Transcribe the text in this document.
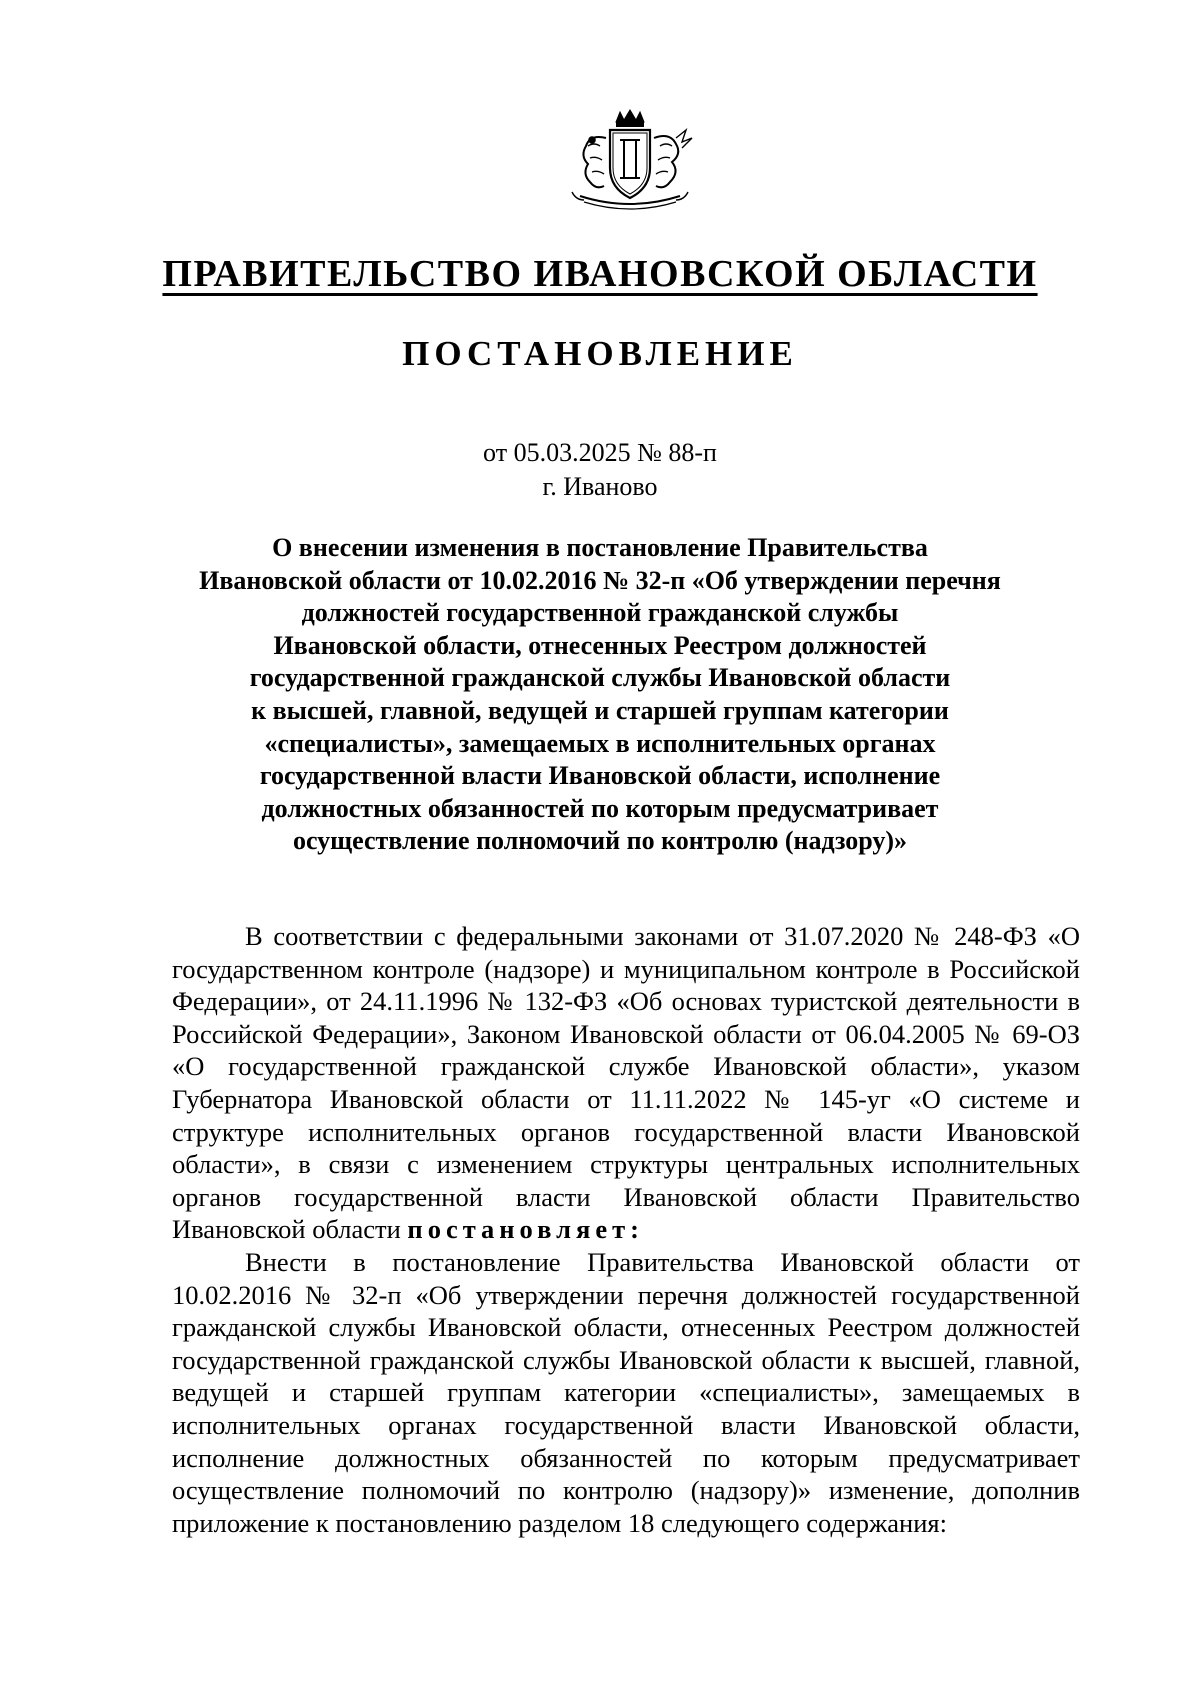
ПРАВИТЕЛЬСТВО ИВАНОВСКОЙ ОБЛАСТИ
ПОСТАНОВЛЕНИЕ
от 05.03.2025 № 88-п
г. Иваново
О внесении изменения в постановление Правительства
Ивановской области от 10.02.2016 № 32-п «Об утверждении перечня
должностей государственной гражданской службы
Ивановской области, отнесенных Реестром должностей
государственной гражданской службы Ивановской области
к высшей, главной, ведущей и старшей группам категории
«специалисты», замещаемых в исполнительных органах
государственной власти Ивановской области, исполнение
должностных обязанностей по которым предусматривает
осуществление полномочий по контролю (надзору)»

В соответствии с федеральными законами от 31.07.2020 № 248-ФЗ «О государственном контроле (надзоре) и муниципальном контроле в Российской Федерации», от 24.11.1996 № 132-ФЗ «Об основах туристской деятельности в Российской Федерации», Законом Ивановской области от 06.04.2005 № 69-ОЗ «О государственной гражданской службе Ивановской области», указом Губернатора Ивановской области от 11.11.2022 № 145-уг «О системе и структуре исполнительных органов государственной власти Ивановской области», в связи с изменением структуры центральных исполнительных органов государственной власти Ивановской области Правительство Ивановской области постановляет:

Внести в постановление Правительства Ивановской области от 10.02.2016 № 32-п «Об утверждении перечня должностей государственной гражданской службы Ивановской области, отнесенных Реестром должностей государственной гражданской службы Ивановской области к высшей, главной, ведущей и старшей группам категории «специалисты», замещаемых в исполнительных органах государственной власти Ивановской области, исполнение должностных обязанностей по которым предусматривает осуществление полномочий по контролю (надзору)» изменение, дополнив приложение к постановлению разделом 18 следующего содержания:
